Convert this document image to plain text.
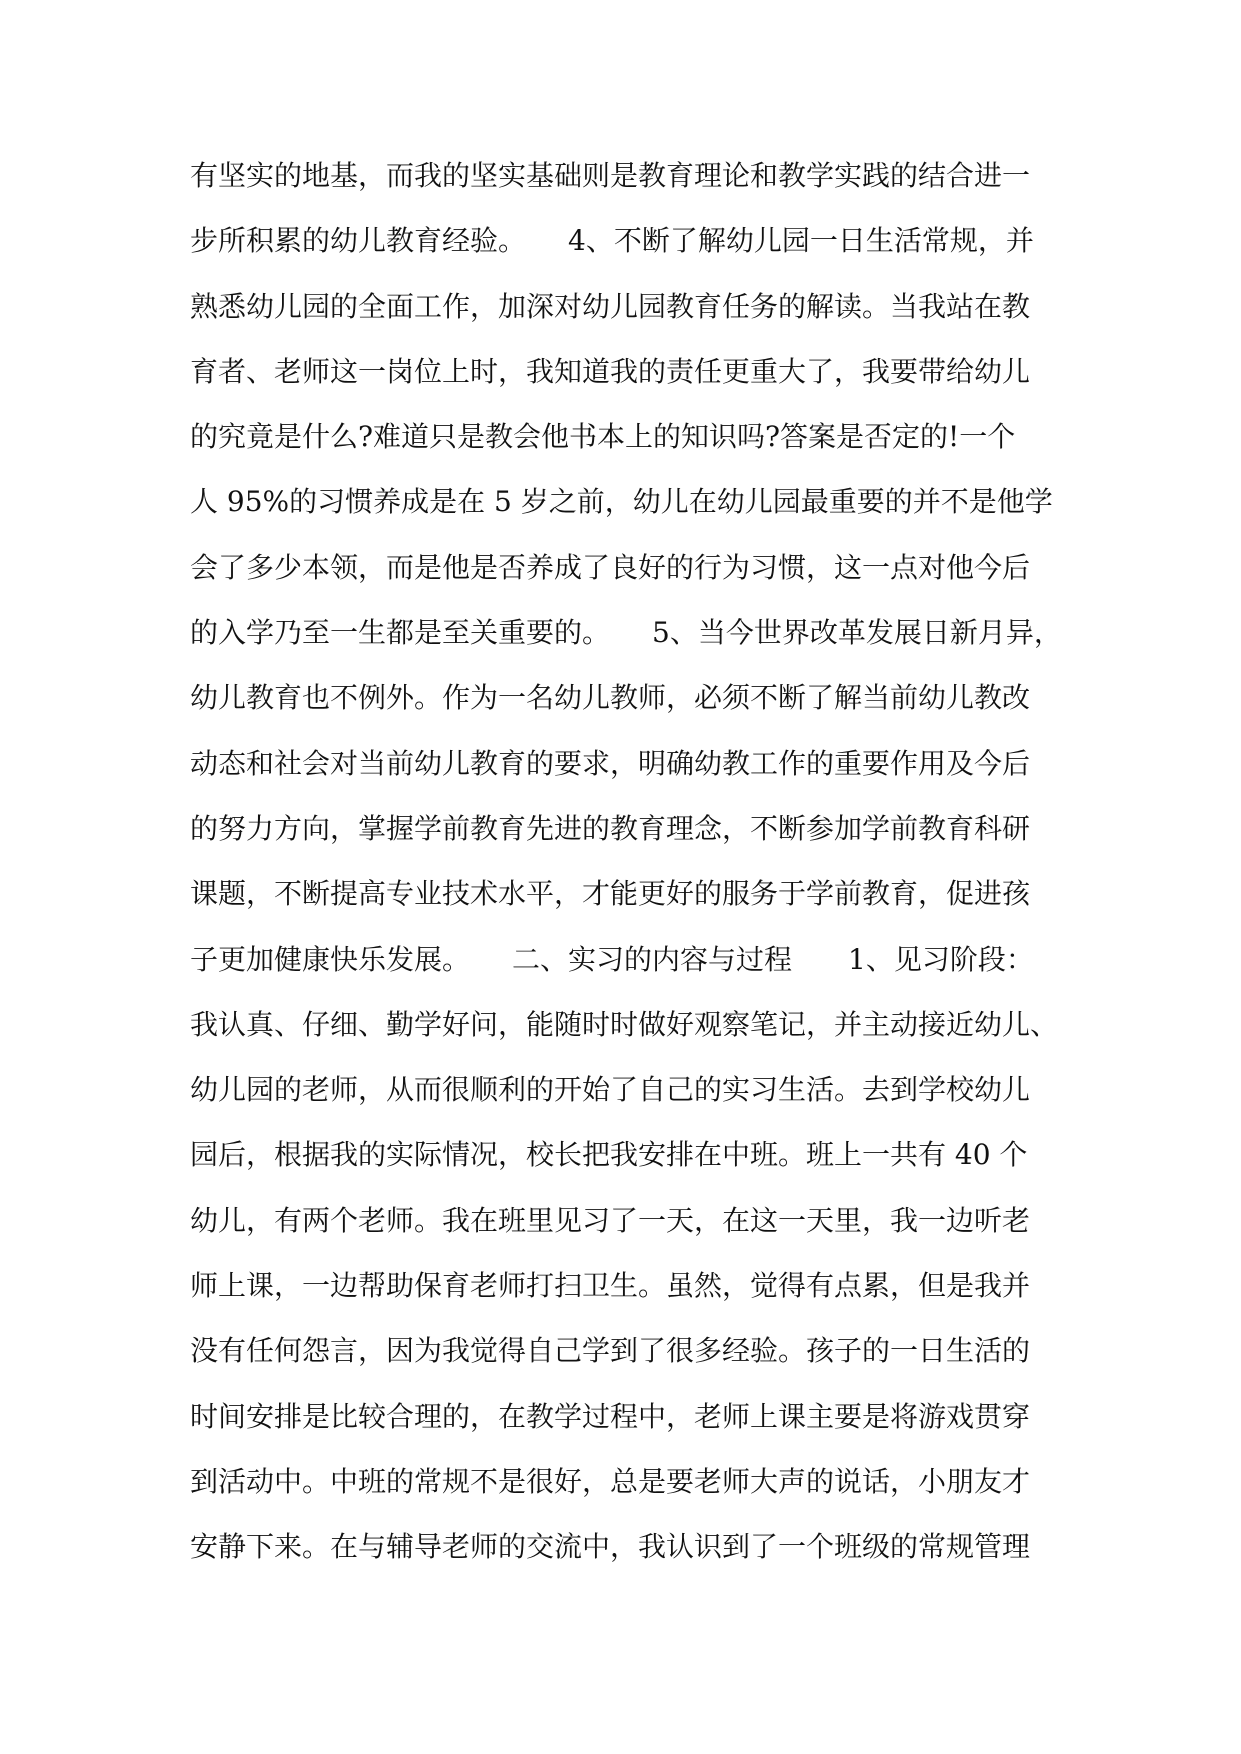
有坚实的地基，而我的坚实基础则是教育理论和教学实践的结合进一
步所积累的幼儿教育经验。　　4、不断了解幼儿园一日生活常规，并
熟悉幼儿园的全面工作，加深对幼儿园教育任务的解读。当我站在教
育者、老师这一岗位上时，我知道我的责任更重大了，我要带给幼儿
的究竟是什么?难道只是教会他书本上的知识吗?答案是否定的!一个
人 95%的习惯养成是在 5 岁之前，幼儿在幼儿园最重要的并不是他学
会了多少本领，而是他是否养成了良好的行为习惯，这一点对他今后
的入学乃至一生都是至关重要的。　　5、当今世界改革发展日新月异，
幼儿教育也不例外。作为一名幼儿教师，必须不断了解当前幼儿教改
动态和社会对当前幼儿教育的要求，明确幼教工作的重要作用及今后
的努力方向，掌握学前教育先进的教育理念，不断参加学前教育科研
课题，不断提高专业技术水平，才能更好的服务于学前教育，促进孩
子更加健康快乐发展。　　二、实习的内容与过程　　1、见习阶段：
我认真、仔细、勤学好问，能随时时做好观察笔记，并主动接近幼儿、
幼儿园的老师，从而很顺利的开始了自己的实习生活。去到学校幼儿
园后，根据我的实际情况，校长把我安排在中班。班上一共有 40 个
幼儿，有两个老师。我在班里见习了一天，在这一天里，我一边听老
师上课，一边帮助保育老师打扫卫生。虽然，觉得有点累，但是我并
没有任何怨言，因为我觉得自己学到了很多经验。孩子的一日生活的
时间安排是比较合理的，在教学过程中，老师上课主要是将游戏贯穿
到活动中。中班的常规不是很好，总是要老师大声的说话，小朋友才
安静下来。在与辅导老师的交流中，我认识到了一个班级的常规管理
